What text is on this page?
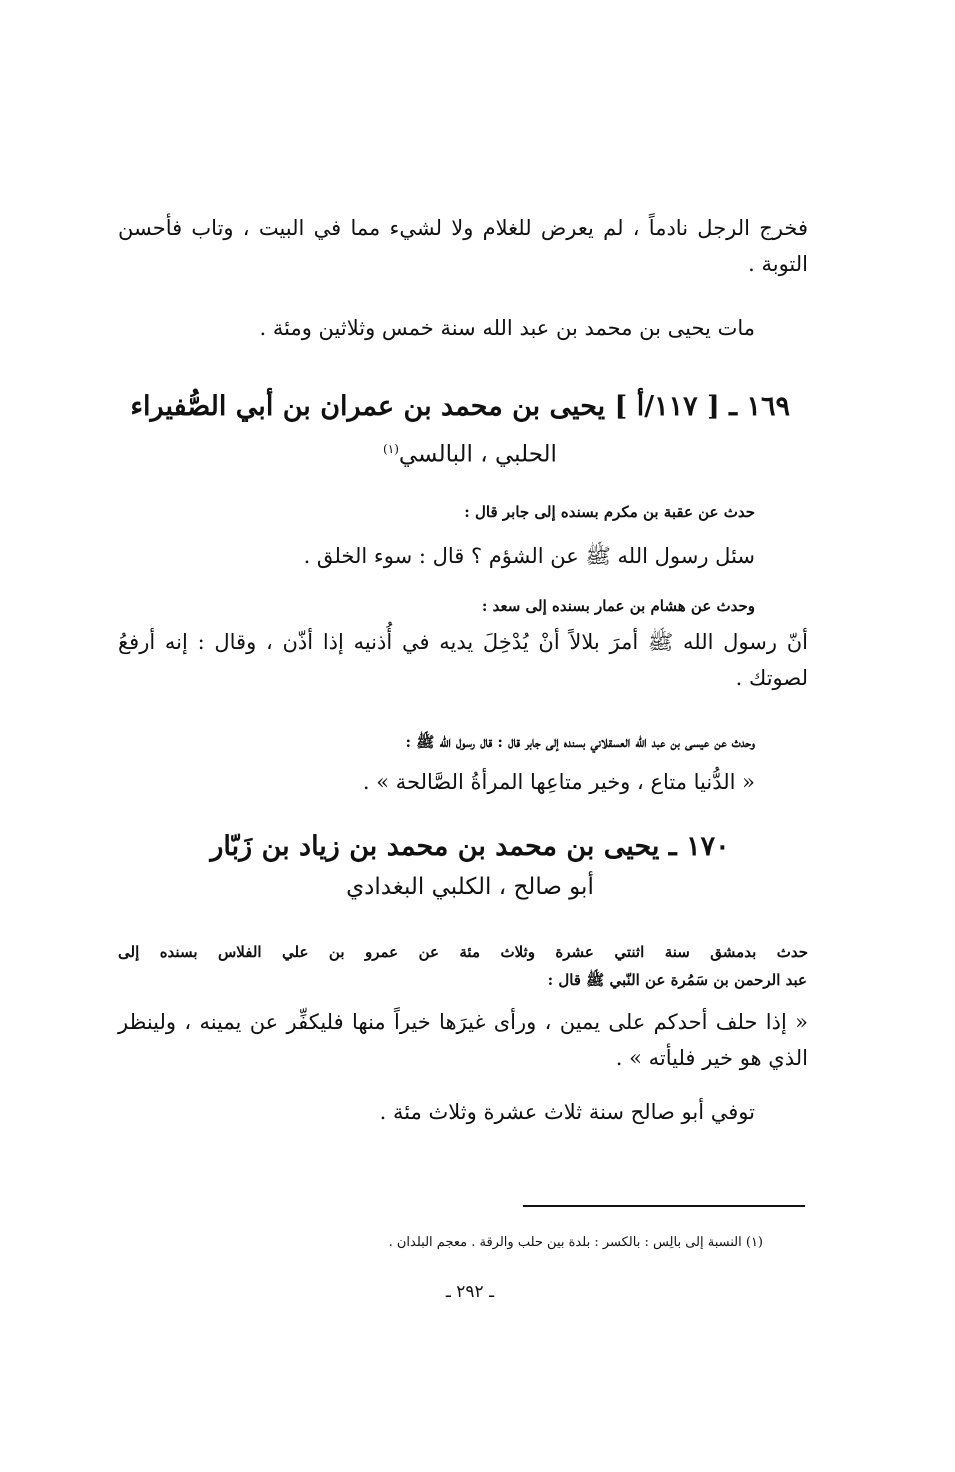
فخرج الرجل نادماً ، لم يعرض للغلام ولا لشيء مما في البيت ، وتاب فأحسن التوبة .
مات يحيى بن محمد بن عبد الله سنة خمس وثلاثين ومئة .
١٦٩ ـ [ ١١٧/أ ] يحيى بن محمد بن عمران بن أبي الصُّفيراء
الحلبي ، البالسي$^{(١)}$
حدث عن عقبة بن مكرم بسنده إلى جابر قال :
سئل رسول الله ﷺ عن الشؤم ؟ قال : سوء الخلق .
وحدث عن هشام بن عمار بسنده إلى سعد :
أنّ رسول الله ﷺ أمرَ بلالاً أنْ يُدْخِلَ يديه في أُذنيه إذا أذّن ، وقال : إنه أرفعُ لصوتك .
وحدث عن عيسى بن عبد الله العسقلاني بسنده إلى جابر قال : قال رسول الله ﷺ :
« الدُّنيا متاع ، وخير متاعِها المرأةُ الصَّالحة » .
١٧٠ ـ يحيى بن محمد بن محمد بن زياد بن زَبّار
أبو صالح ، الكلبي البغدادي
حدث بدمشق سنة اثنتي عشرة وثلاث مئة عن عمرو بن علي الفلاس بسنده إلى
عبد الرحمن بن سَمُرة عن النّبي ﷺ قال :
« إذا حلف أحدكم على يمين ، ورأى غيرَها خيراً منها فليكفِّر عن يمينه ، ولينظر الذي هو خير فليأته » .
توفي أبو صالح سنة ثلاث عشرة وثلاث مئة .
(١) النسبة إلى بالِس : بالكسر : بلدة بين حلب والرقة . معجم البلدان .
ـ ٢٩٢ ـ
